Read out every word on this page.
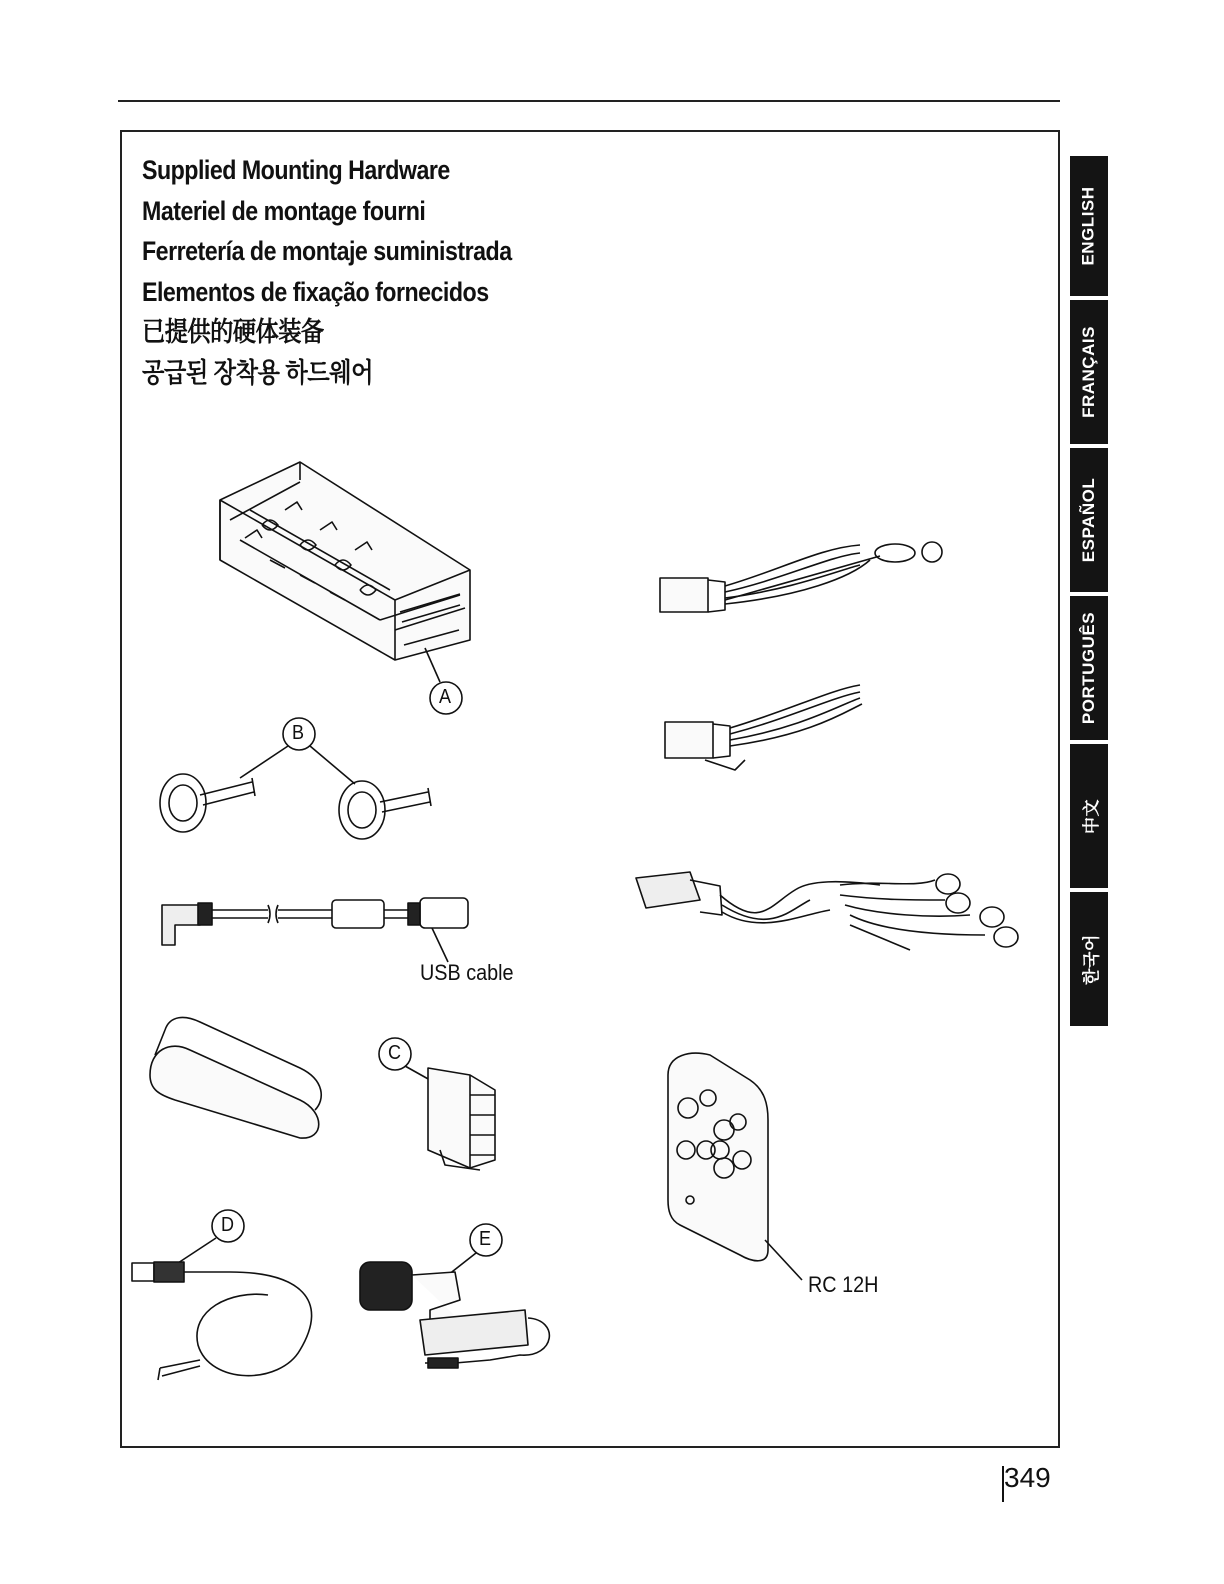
Supplied Mounting Hardware
Materiel de montage fourni
Ferretería de montaje suministrada
Elementos de fixação fornecidos
已提供的硬体装备
공급된 장착용 하드웨어
ENGLISH
FRANÇAIS
ESPAÑOL
PORTUGUÊS
中文
한국어
A
B
C
D
E
USB cable
RC 12H
349
